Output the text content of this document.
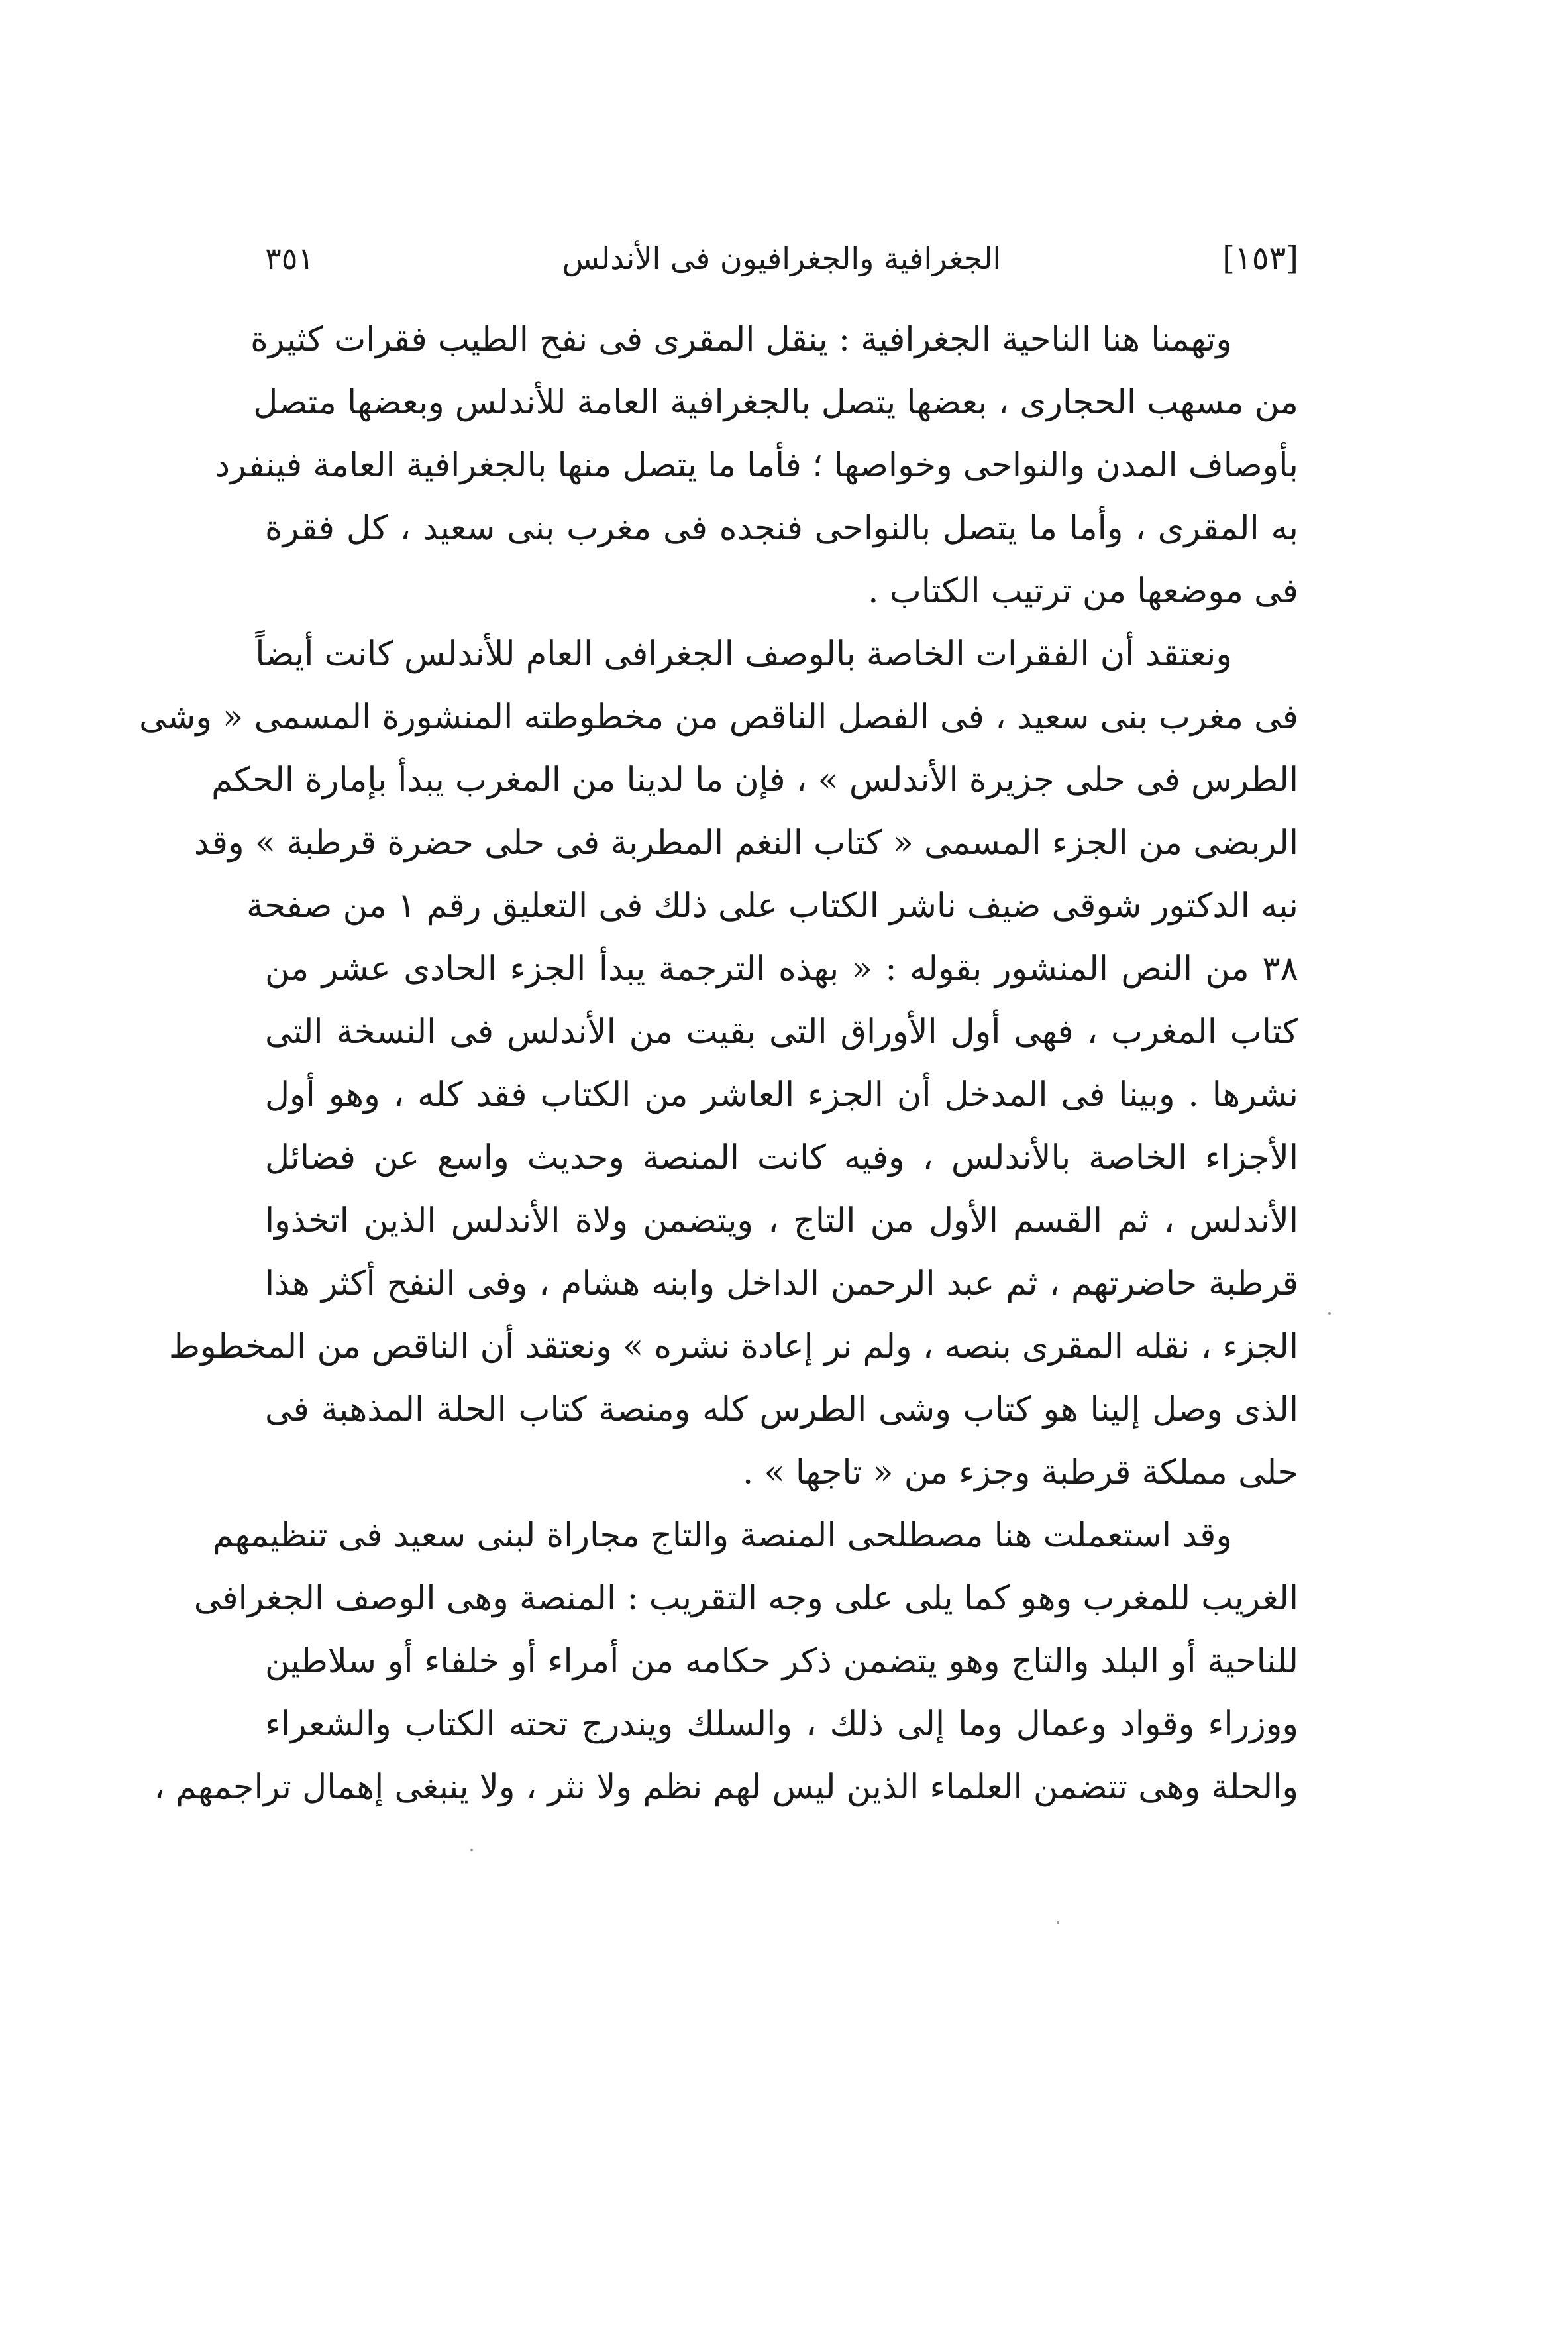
٣٥١	الجغرافية والجغرافيون فى الأندلس	[١٥٣]
وتهمنا هنا الناحية الجغرافية : ينقل المقرى فى نفح الطيب فقرات كثيرة
من مسهب الحجارى ، بعضها يتصل بالجغرافية العامة للأندلس وبعضها متصل
بأوصاف المدن والنواحى وخواصها ؛ فأما ما يتصل منها بالجغرافية العامة فينفرد
به المقرى ، وأما ما يتصل بالنواحى فنجده فى مغرب بنى سعيد ، كل فقرة
فى موضعها من ترتيب الكتاب .
ونعتقد أن الفقرات الخاصة بالوصف الجغرافى العام للأندلس كانت أيضاً
فى مغرب بنى سعيد ، فى الفصل الناقص من مخطوطته المنشورة المسمى « وشى
الطرس فى حلى جزيرة الأندلس » ، فإن ما لدينا من المغرب يبدأ بإمارة الحكم
الربضى من الجزء المسمى « كتاب النغم المطربة فى حلى حضرة قرطبة » وقد
نبه الدكتور شوقى ضيف ناشر الكتاب على ذلك فى التعليق رقم ١ من صفحة
٣٨ من النص المنشور بقوله : « بهذه الترجمة يبدأ الجزء الحادى عشر من
كتاب المغرب ، فهى أول الأوراق التى بقيت من الأندلس فى النسخة التى
نشرها . وبينا فى المدخل أن الجزء العاشر من الكتاب فقد كله ، وهو أول
الأجزاء الخاصة بالأندلس ، وفيه كانت المنصة وحديث واسع عن فضائل
الأندلس ، ثم القسم الأول من التاج ، ويتضمن ولاة الأندلس الذين اتخذوا
قرطبة حاضرتهم ، ثم عبد الرحمن الداخل وابنه هشام ، وفى النفح أكثر هذا
الجزء ، نقله المقرى بنصه ، ولم نر إعادة نشره » ونعتقد أن الناقص من المخطوط
الذى وصل إلينا هو كتاب وشى الطرس كله ومنصة كتاب الحلة المذهبة فى
حلى مملكة قرطبة وجزء من « تاجها » .
وقد استعملت هنا مصطلحى المنصة والتاج مجاراة لبنى سعيد فى تنظيمهم
الغريب للمغرب وهو كما يلى على وجه التقريب : المنصة وهى الوصف الجغرافى
للناحية أو البلد والتاج وهو يتضمن ذكر حكامه من أمراء أو خلفاء أو سلاطين
ووزراء وقواد وعمال وما إلى ذلك ، والسلك ويندرج تحته الكتاب والشعراء
والحلة وهى تتضمن العلماء الذين ليس لهم نظم ولا نثر ، ولا ينبغى إهمال تراجمهم ،
